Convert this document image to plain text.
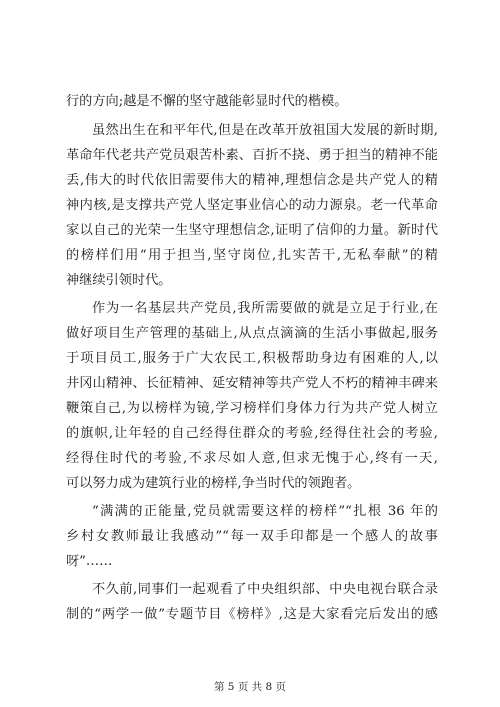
行的方向;越是不懈的坚守越能彰显时代的楷模。
虽然出生在和平年代,但是在改革开放祖国大发展的新时期,
革命年代老共产党员艰苦朴素、百折不挠、勇于担当的精神不能
丢,伟大的时代依旧需要伟大的精神,理想信念是共产党人的精
神内核,是支撑共产党人坚定事业信心的动力源泉。老一代革命
家以自己的光荣一生坚守理想信念,证明了信仰的力量。新时代
的榜样们用“用于担当,坚守岗位,扎实苦干,无私奉献”的精
神继续引领时代。
作为一名基层共产党员,我所需要做的就是立足于行业,在
做好项目生产管理的基础上,从点点滴滴的生活小事做起,服务
于项目员工,服务于广大农民工,积极帮助身边有困难的人,以
井冈山精神、长征精神、延安精神等共产党人不朽的精神丰碑来
鞭策自己,为以榜样为镜,学习榜样们身体力行为共产党人树立
的旗帜,让年轻的自己经得住群众的考验,经得住社会的考验,
经得住时代的考验,不求尽如人意,但求无愧于心,终有一天,
可以努力成为建筑行业的榜样,争当时代的领跑者。
“满满的正能量,党员就需要这样的榜样”“扎根 36 年的
乡村女教师最让我感动”“每一双手印都是一个感人的故事
呀”……
不久前,同事们一起观看了中央组织部、中央电视台联合录
制的“两学一做”专题节目《榜样》,这是大家看完后发出的感
第 5 页 共 8 页
